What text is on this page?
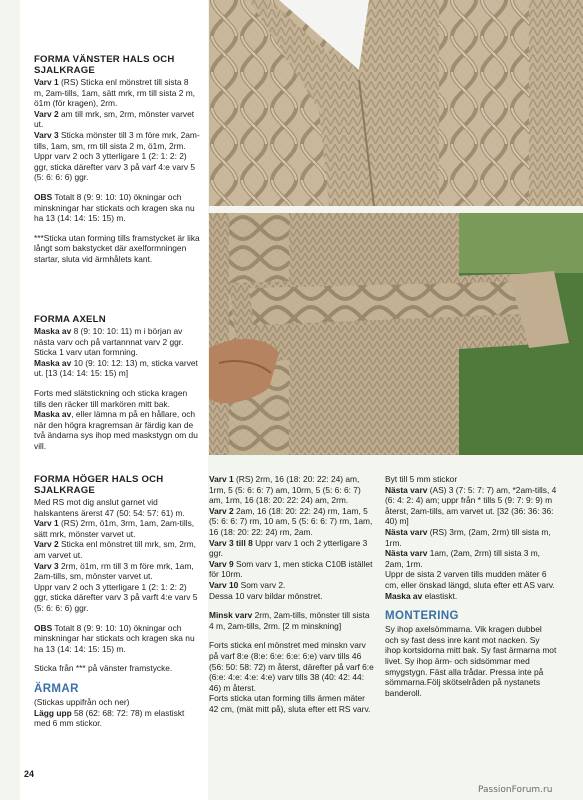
FORMA VÄNSTER HALS OCH SJALKRAGE

Varv 1 (RS) Sticka enl mönstret till sista 8 m, 2am-tills, 1am, sätt mrk, rm till sista 2 m, ö1m (för kragen), 2rm.

Varv 2 am till mrk, sm, 2rm, mönster varvet ut.

Varv 3 Sticka mönster till 3 m före mrk, 2am-tills, 1am, sm, rm till sista 2 m, ö1m, 2rm.
Uppr varv 2 och 3 ytterligare 1 (2: 1: 2: 2) ggr, sticka därefter varv 3 på varf 4:e varv 5 (5: 6: 6: 6) ggr.

OBS Totalt 8 (9: 9: 10: 10) ökningar och minskningar har stickats och kragen ska nu ha 13 (14: 14: 15: 15) m.

***Sticka utan forming tills framstycket är lika långt som bakstycket där axelformningen startar, sluta vid ärmhålets kant.

FORMA AXELN

Maska av 8 (9: 10: 10: 11) m i början av nästa varv och på vartannnat varv 2 ggr. Sticka 1 varv utan formning.

Maska av 10 (9: 10: 12: 13) m, sticka varvet ut. [13 (14: 14: 15: 15) m]

Forts med slätstickning och sticka kragen tills den räcker till markören mitt bak.

Maska av, eller lämna m på en hållare, och när den högra kragremsan är färdig kan de två ändarna sys ihop med maskstygn om du vill.

FORMA HÖGER HALS OCH SJALKRAGE

Med RS mot dig anslut garnet vid halskantens ärerst 47 (50: 54: 57: 61) m.

Varv 1 (RS) 2rm, ö1m, 3rm, 1am, 2am-tills, sätt mrk, mönster varvet ut.

Varv 2 Sticka enl mönstret till mrk, sm, 2rm, am varvet ut.

Varv 3 2rm, ö1m, rm till 3 m före mrk, 1am, 2am-tills, sm, mönster varvet ut.
Uppr varv 2 och 3 ytterligare 1 (2: 1: 2: 2) ggr, sticka därefter varv 3 på varft 4:e varv 5 (5: 6: 6: 6) ggr.

OBS Totalt 8 (9: 9: 10: 10) ökningar och minskningar har stickats och kragen ska nu ha 13 (14: 14: 15: 15) m.

Sticka från *** på vänster framstycke.

ÄRMAR

(Stickas uppifrån och ner)

Lägg upp 58 (62: 68: 72: 78) m elastiskt med 6 mm stickor.

Varv 1 (RS) 2rm, 16 (18: 20: 22: 24) am, 1rm, 5 (5: 6: 6: 7) am, 10rm, 5 (5: 6: 6: 7) am, 1rm, 16 (18: 20: 22: 24) am, 2rm.

Varv 2 2am, 16 (18: 20: 22: 24) rm, 1am, 5 (5: 6: 6: 7) rm, 10 am, 5 (5: 6: 6: 7) rm, 1am, 16 (18: 20: 22: 24) rm, 2am.

Varv 3 till 8 Uppr varv 1 och 2 ytterligare 3 ggr.

Varv 9 Som varv 1, men sticka C10B istället för 10rm.

Varv 10 Som varv 2.
Dessa 10 varv bildar mönstret.

Minsk varv 2rm, 2am-tills, mönster till sista 4 m, 2am-tills, 2rm. [2 m minskning]

Forts sticka enl mönstret med minskn varv på varf 8:e (8:e: 6:e: 6:e: 6:e) varv tills 46 (56: 50: 58: 72) m återst, därefter på varf 6:e (6:e: 4:e: 4:e: 4:e) varv tills 38 (40: 42: 44: 46) m återst.
Forts sticka utan forming tills ärmen mäter 42 cm, (mät mitt på), sluta efter ett RS varv.

Byt till 5 mm stickor

Nästa varv (AS) 3 (7: 5: 7: 7) am, *2am-tills, 4 (6: 4: 2: 4) am; uppr från * tills 5 (9: 7: 9: 9) m återst, 2am-tills, am varvet ut. [32 (36: 36: 36: 40) m]

Nästa varv (RS) 3rm, (2am, 2rm) till sista m, 1rm.

Nästa varv 1am, (2am, 2rm) till sista 3 m, 2am, 1rm.
Uppr de sista 2 varven tills mudden mäter 6 cm, eller önskad längd, sluta efter ett AS varv.

Maska av elastiskt.

MONTERING

Sy ihop axelsömmarna. Vik kragen dubbel och sy fast dess inre kant mot nacken. Sy ihop kortsidorna mitt bak. Sy fast ärmarna mot livet. Sy ihop ärm- och sidsömmar med smygstygn. Fäst alla trådar. Pressa inte på sömmarna.Följ skötselråden på nystanets banderoll.

24
PassionForum.ru
